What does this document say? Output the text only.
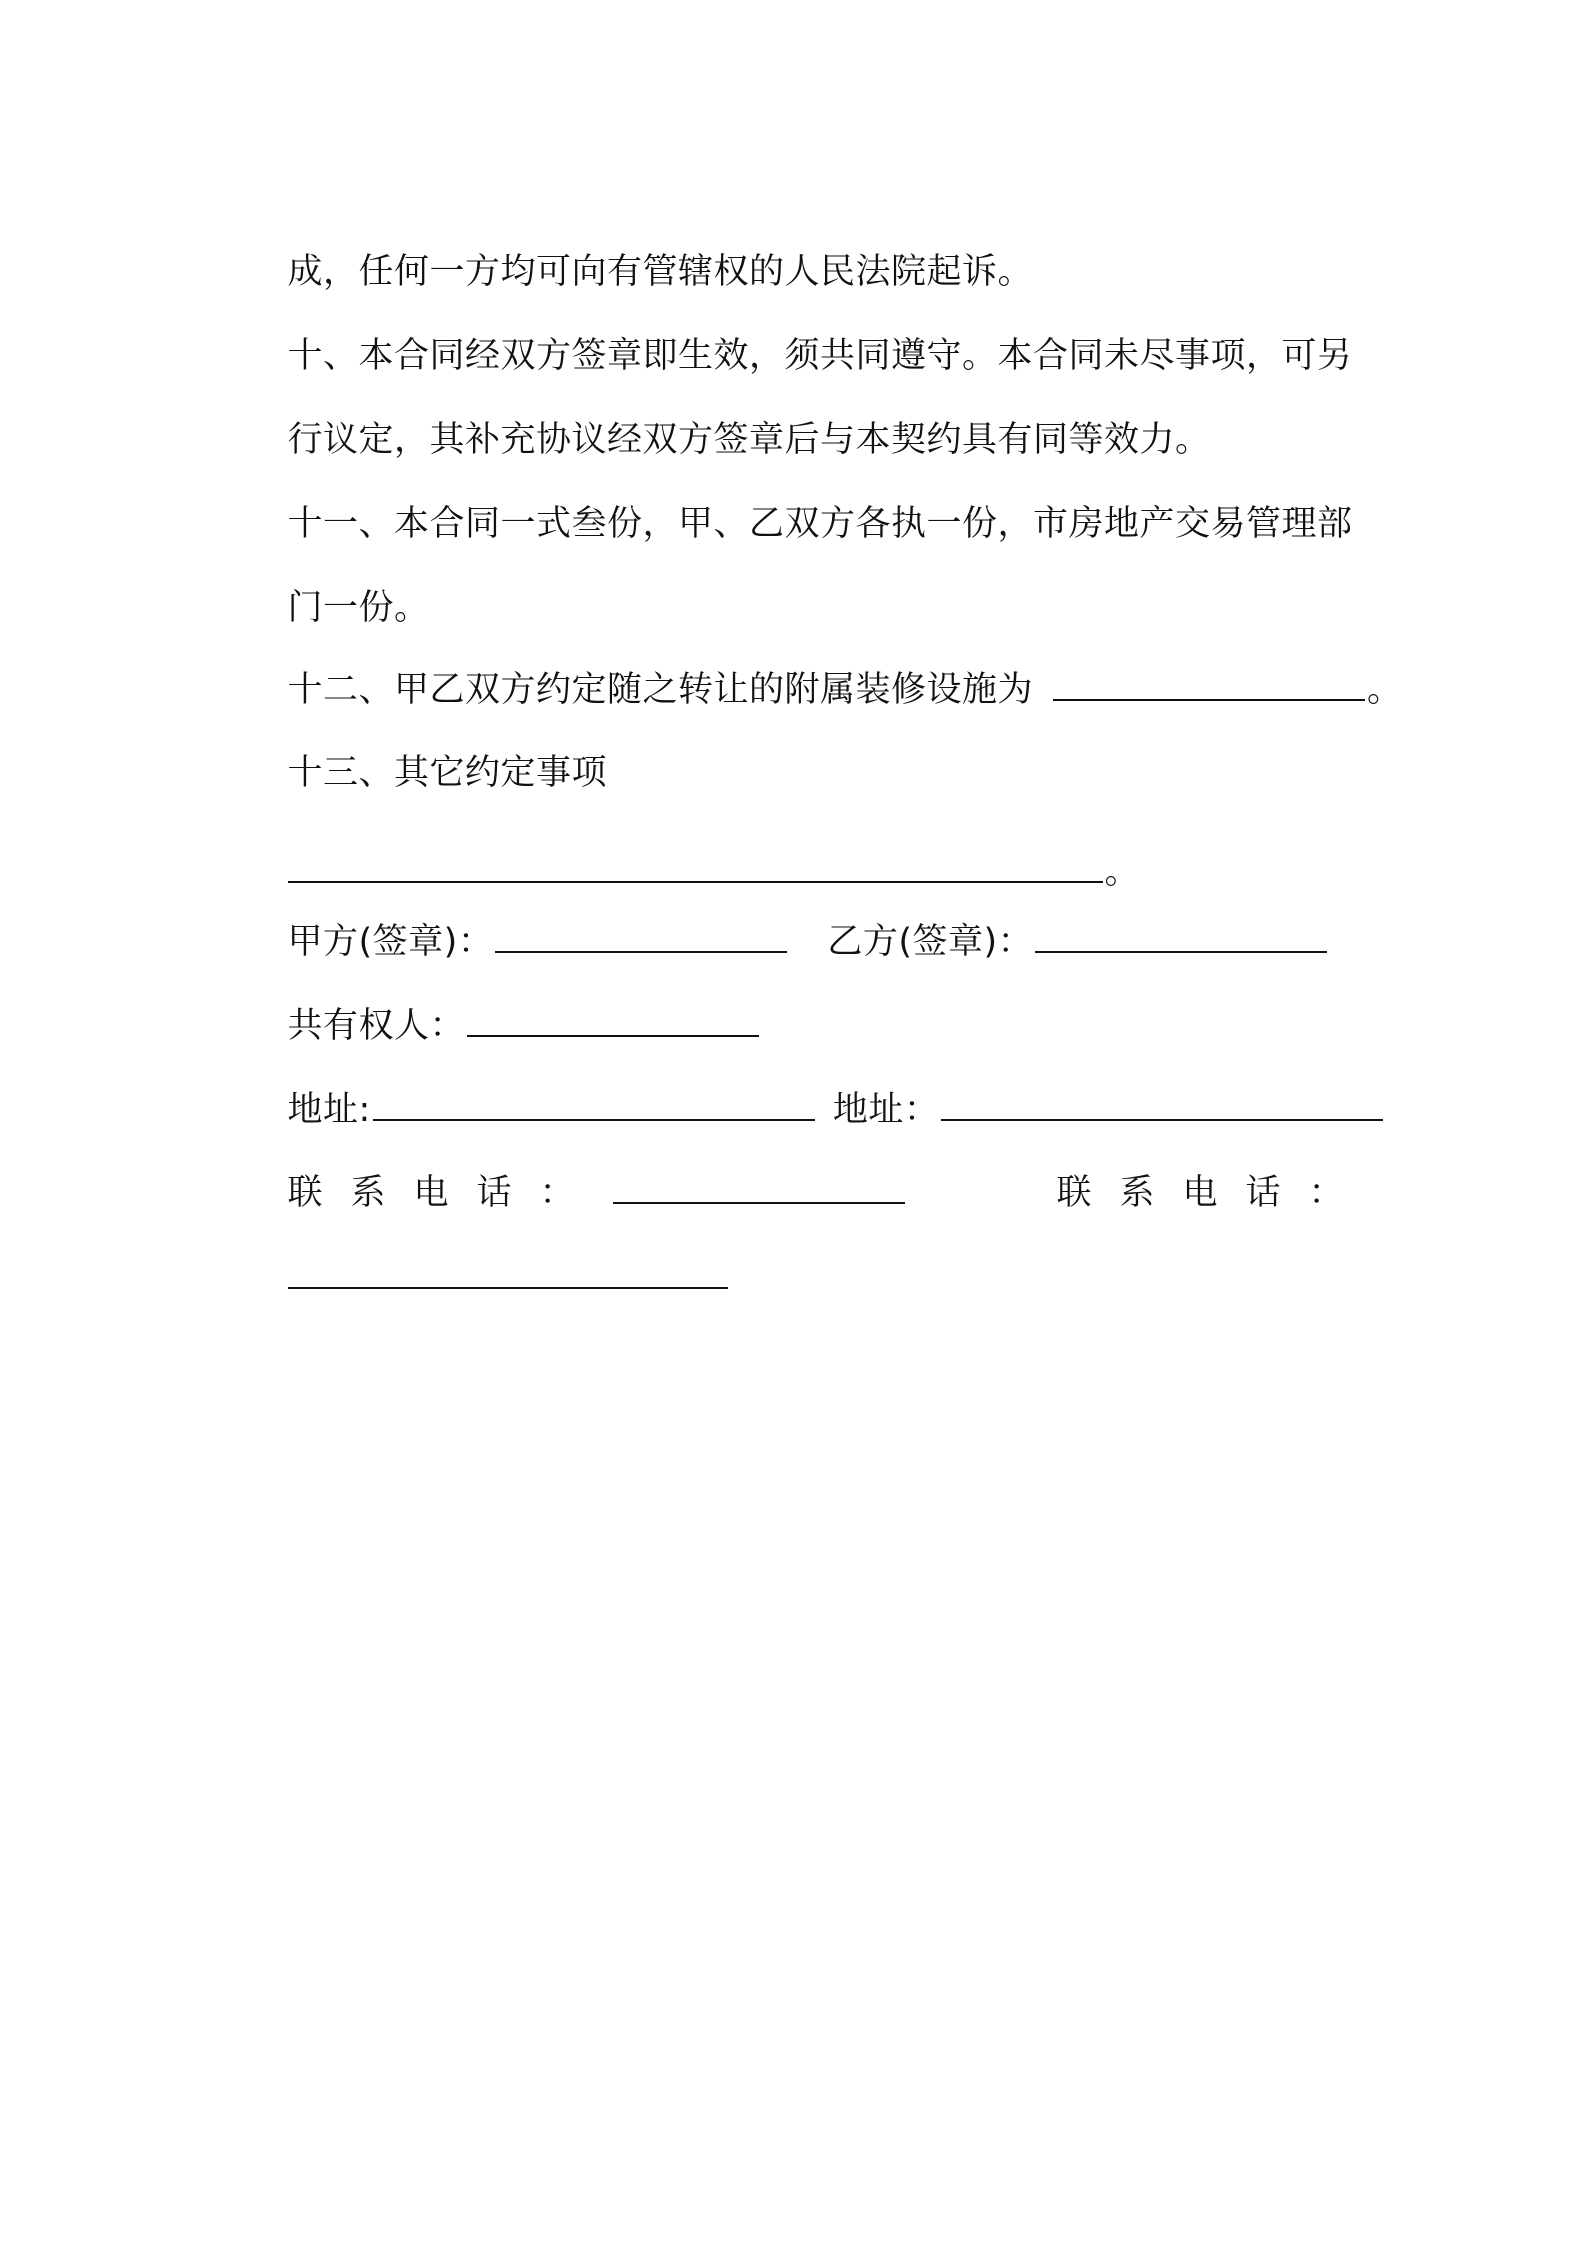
成，任何一方均可向有管辖权的人民法院起诉。

十、本合同经双方签章即生效，须共同遵守。本合同未尽事项，可另

行议定，其补充协议经双方签章后与本契约具有同等效力。

十一、本合同一式叁份，甲、乙双方各执一份，市房地产交易管理部

门一份。

十二、甲乙双方约定随之转让的附属装修设施为	。

十三、其它约定事项

。

甲方(签章)：	乙方(签章)：

共有权人：

地址:	地址：

联系电话：	联系电话：
